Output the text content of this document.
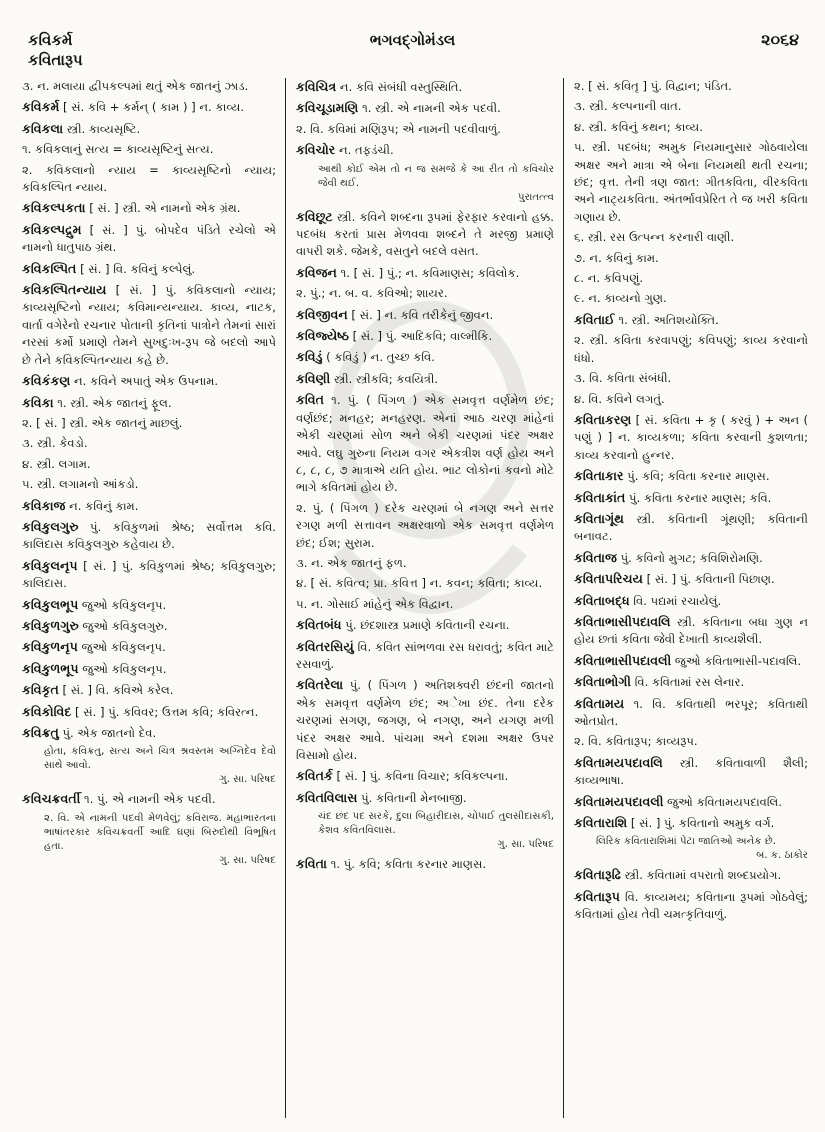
કવિકર્મ
કવિતારૂપ
ભગવદ્ગોમંડલ	૨૦૬૪
૩. ન. મલાયા દ્વીપકલ્પમાં થતું એક જાતનું ઝાડ.
કવિકર્મ [ સં. કવિ + કર્મન્ ( કામ ) ] ન. કાવ્ય.
કવિકલા સ્ત્રી. કાવ્યસૃષ્ટિ.
૧. કવિકલાનું સત્ય = કાવ્યસૃષ્ટિનું સત્ય.
૨. કવિકલાનો ન્યાય = કાવ્યસૃષ્ટિનો ન્યાય; કવિકલ્પિત ન્યાય.
કવિકલ્પકતા [ સં. ] સ્ત્રી. એ નામનો એક ગ્રંથ.
કવિકલ્પદ્રુમ [ સં. ] પું. બોપદેવ પંડિતે રચેલો એ નામનો ધાતુપાઠ ગ્રંથ.
કવિકલ્પિત [ સં. ] વિ. કવિનું કલ્પેલું.
કવિકલ્પિતન્યાય [ સં. ] પું. કવિકલાનો ન્યાય; કાવ્યસૃષ્ટિનો ન્યાય; કવિમાન્યન્યાય. કાવ્ય, નાટક, વાર્તા વગેરેનો રચનાર પોતાની કૃતિનાં પાત્રોને તેમનાં સારાં નરસાં કર્મો પ્રમાણે તેમને સુખદુઃખ-રૂપ જે બદલો આપે છે તેને કવિકલ્પિતન્યાય કહે છે.
કવિકંકણ ન. કવિને અપાતું એક ઉપનામ.
કવિકા ૧. સ્ત્રી. એક જાતનું ફૂલ.
૨. [ સં. ] સ્ત્રી. એક જાતનું માછલું.
૩. સ્ત્રી. કેવડો.
૪. સ્ત્રી. લગામ.
૫. સ્ત્રી. લગામનો આંકડો.
કવિકાજ ન. કવિનું કામ.
કવિકુલગુરુ પું. કવિકુળમાં શ્રેષ્ઠ; સર્વોત્તમ કવિ. કાલિદાસ કવિકુલગુરુ કહેવાય છે.
કવિકુલનૃપ [ સં. ] પું. કવિકુળમાં શ્રેષ્ઠ; કવિકુલગુરુ; કાલિદાસ.
કવિકુલભૂપ જુઓ કવિકુલનૃપ.
કવિકુળગુરુ જુઓ કવિકુલગુરુ.
કવિકુળનૃપ જુઓ કવિકુલનૃપ.
કવિકુળભૂપ જુઓ કવિકુલનૃપ.
કવિકૃત [ સં. ] વિ. કવિએ કરેલ.
કવિકોવિદ [ સં. ] પું. કવિવર; ઉત્તમ કવિ; કવિરત્ન.
કવિક્રતુ પું. એક જાતનો દેવ.
હોતા, કવિક્રતુ, સત્ય અને ચિત્ર શ્રવસ્તમ અગ્નિદેવ દેવો સાથે આવો.
ગુ. સા. પરિષદ
કવિચક્રવર્તી ૧. પું. એ નામની એક પદવી.
૨. વિ. એ નામની પદવી મેળવેલું; કવિરાજ. મહાભારતના ભાષાંતરકાર કવિચક્રવર્તી આદિ ઘણાં બિરુદોથી વિભૂષિત હતા.
ગુ. સા. પરિષદ
કવિચિત્ર ન. કવિ સંબંધી વસ્તુસ્થિતિ.
કવિચૂડામણિ ૧. સ્ત્રી. એ નામની એક પદવી.
૨. વિ. કવિમાં મણિરૂપ; એ નામની પદવીવાળું.
કવિચોર ન. તફડંચી.
આથી કોઈ એમ તો ન જ સમજે કે આ રીત તો કવિચોર જેવી થઈ.
પુરાતત્ત્વ
કવિછૂટ સ્ત્રી. કવિને શબ્દના રૂપમાં ફેરફાર કરવાનો હક્ક. પદબંધ કરતાં પ્રાસ મેળવવા શબ્દને તે મરજી પ્રમાણે વાપરી શકે. જેમકે, વસતુને બદલે વસત.
કવિજન ૧. [ સં. ] પું.; ન. કવિમાણસ; કવિલોક.
૨. પું.; ન. બ. વ. કવિઓ; શાયર.
કવિજીવન [ સં. ] ન. કવિ તરીકેનું જીવન.
કવિજ્યેષ્ઠ [ સં. ] પું. આદિકવિ; વાલ્મીકિ.
કવિડું ( કવિડું ) ન. તુચ્છ કવિ.
કવિણી સ્ત્રી. સ્ત્રીકવિ; કવયિત્રી.
કવિત ૧. પું. ( પિંગળ ) એક સમવૃત્ત વર્ણમેળ છંદ; વર્ણછંદ; મનહર; મનહરણ. એનાં આઠ ચરણ માંહેનાં એકી ચરણમાં સોળ અને બેકી ચરણમાં પંદર અક્ષર આવે. લઘુ ગુરુના નિયમ વગર એકત્રીશ વર્ણ હોય અને ૮, ૮, ૮, ૭ માત્રાએ યતિ હોય. ભાટ લોકોનાં કવનો મોટે ભાગે કવિતમાં હોય છે.
૨. પું. ( પિંગળ ) દરેક ચરણમાં બે નગણ અને સત્તર રગણ મળી સત્તાવન અક્ષરવાળો એક સમવૃત્ત વર્ણમેળ છંદ; ઈશ; સુરામ.
૩. ન. એક જાતનું ફળ.
૪. [ સં. કવિત્વ; પ્રા. કવિત્ત ] ન. કવન; કવિતા; કાવ્ય.
૫. ન. ગોસાઈ માંહેનું એક વિદ્વાન.
કવિતબંધ પું. છંદશાસ્ત્ર પ્રમાણે કવિતાની રચના.
કવિતરસિયું વિ. કવિત સાંભળવા રસ ધરાવતું; કવિત માટે રસવાળું.
કવિતરેલા પું. ( પિંગળ ) અતિશક્વરી છંદની જાતનો એક સમવૃત્ત વર્ણમેળ છંદ; અેખા છંદ. તેના દરેક ચરણમાં સગણ, જગણ, બે નગણ, અને યગણ મળી પંદર અક્ષર આવે. પાંચમા અને દશમા અક્ષર ઉપર વિસામો હોય.
કવિતર્ક [ સં. ] પું. કવિના વિચાર; કવિકલ્પના.
કવિતવિલાસ પું. કવિતાની મેનબાજી.
ચંદ છંદ પદ સરકે, દુલા બિહારીદાસ, ચોપાઈ તુલસીદાસકી, કેશવ કવિતવિલાસ.
ગુ. સા. પરિષદ
કવિતા ૧. પું. કવિ; કવિતા કરનાર માણસ.
૨. [ સં. કવિતૃ ] પું. વિદ્વાન; પંડિત.
૩. સ્ત્રી. કલ્પનાની વાત.
૪. સ્ત્રી. કવિનું કથન; કાવ્ય.
૫. સ્ત્રી. પદબંધ; અમુક નિયમાનુસાર ગોઠવાયેલા અક્ષર અને માત્રા એ બેના નિયમથી થતી રચના; છંદ; વૃત્ત. તેની ત્રણ જાત: ગીતકવિતા, વીરકવિતા અને નાટ્યકવિતા. અંતર્ભાવપ્રેરિત તે જ ખરી કવિતા ગણાય છે.
૬. સ્ત્રી. રસ ઉત્પન્ન કરનારી વાણી.
૭. ન. કવિનું કામ.
૮. ન. કવિપણું.
૯. ન. કાવ્યનો ગુણ.
કવિતાઈ ૧. સ્ત્રી. અતિશયોક્તિ.
૨. સ્ત્રી. કવિતા કરવાપણું; કવિપણું; કાવ્ય કરવાનો ધંધો.
૩. વિ. કવિતા સંબંધી.
૪. વિ. કવિને લગતું.
કવિતાકરણ [ સં. કવિતા + કૃ ( કરવું ) + અન ( પણું ) ] ન. કાવ્યકળા; કવિતા કરવાની કુશળતા; કાવ્ય કરવાનો હુન્નર.
કવિતાકાર પું. કવિ; કવિતા કરનાર માણસ.
કવિતાકાંત પું. કવિતા કરનાર માણસ; કવિ.
કવિતાગૂંથ સ્ત્રી. કવિતાની ગૂંથણી; કવિતાની બનાવટ.
કવિતાજ પું. કવિનો મુગટ; કવિશિરોમણિ.
કવિતાપરિચય [ સં. ] પું. કવિતાની પિછાણ.
કવિતાબદ્ધ વિ. પદ્યમાં રચાયેલું.
કવિતાભાસીપદાવલિ સ્ત્રી. કવિતાના બધા ગુણ ન હોય છતાં કવિતા જેવી દેખાતી કાવ્યશૈલી.
કવિતાભાસીપદાવલી જુઓ કવિતાભાસી-પદાવલિ.
કવિતાભોગી વિ. કવિતામાં રસ લેનાર.
કવિતામય ૧. વિ. કવિતાથી ભરપૂર; કવિતાથી ઓતપ્રોત.
૨. વિ. કવિતારૂપ; કાવ્યરૂપ.
કવિતામયપદાવલિ સ્ત્રી. કવિતાવાળી શૈલી; કાવ્યભાષા.
કવિતામયપદાવલી જુઓ કવિતામયપદાવલિ.
કવિતારાશિ [ સં. ] પું. કવિતાનો અમુક વર્ગ.
લિરિક કવિતારાશિમાં પેટા જાતિઓ અનેક છે.
બ. ક. ઠાકોર
કવિતારૂઢિ સ્ત્રી. કવિતામાં વપરાતો શબ્દપ્રયોગ.
કવિતારૂપ વિ. કાવ્યમય; કવિતાના રૂપમાં ગોઠવેલું; કવિતામાં હોય તેવી ચમત્કૃતિવાળું.
